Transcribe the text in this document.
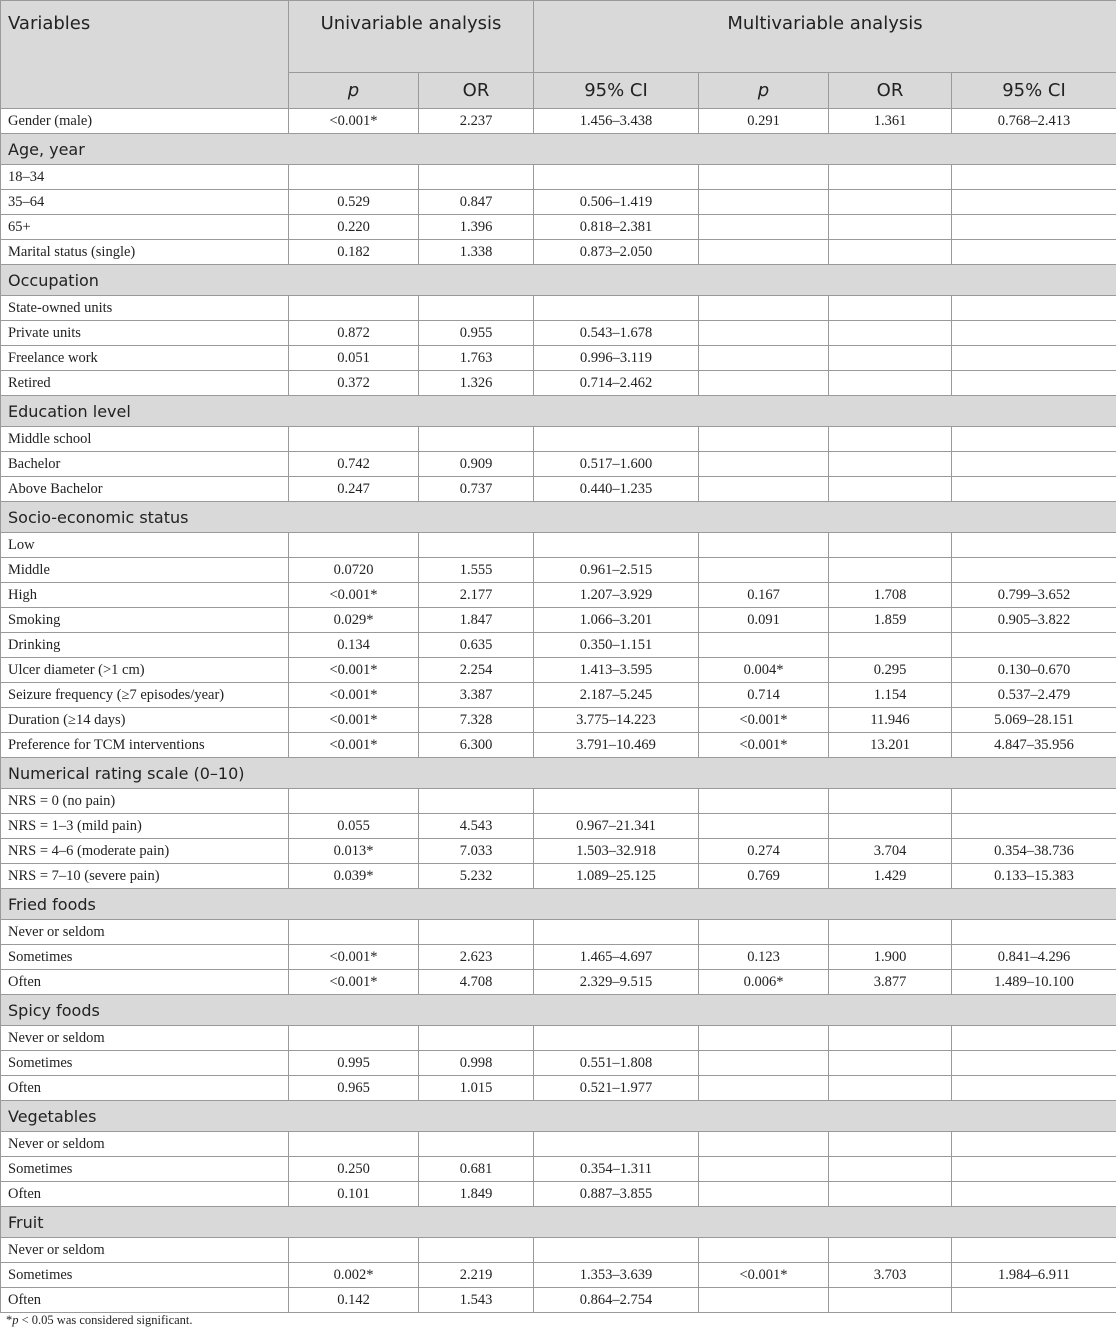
Variables	Univariable analysis		Multivariable analysis			
	p	OR	95% CI	p	OR	95% CI
Gender (male)	<0.001*	2.237	1.456–3.438	0.291	1.361	0.768–2.413
Age, year						
18–34						
35–64	0.529	0.847	0.506–1.419			
65+	0.220	1.396	0.818–2.381			
Marital status (single)	0.182	1.338	0.873–2.050			
Occupation						
State-owned units						
Private units	0.872	0.955	0.543–1.678			
Freelance work	0.051	1.763	0.996–3.119			
Retired	0.372	1.326	0.714–2.462			
Education level						
Middle school						
Bachelor	0.742	0.909	0.517–1.600			
Above Bachelor	0.247	0.737	0.440–1.235			
Socio-economic status						
Low						
Middle	0.0720	1.555	0.961–2.515			
High	<0.001*	2.177	1.207–3.929	0.167	1.708	0.799–3.652
Smoking	0.029*	1.847	1.066–3.201	0.091	1.859	0.905–3.822
Drinking	0.134	0.635	0.350–1.151			
Ulcer diameter (>1 cm)	<0.001*	2.254	1.413–3.595	0.004*	0.295	0.130–0.670
Seizure frequency (≥7 episodes/year)	<0.001*	3.387	2.187–5.245	0.714	1.154	0.537–2.479
Duration (≥14 days)	<0.001*	7.328	3.775–14.223	<0.001*	11.946	5.069–28.151
Preference for TCM interventions	<0.001*	6.300	3.791–10.469	<0.001*	13.201	4.847–35.956
Numerical rating scale (0–10)						
NRS = 0 (no pain)						
NRS = 1–3 (mild pain)	0.055	4.543	0.967–21.341			
NRS = 4–6 (moderate pain)	0.013*	7.033	1.503–32.918	0.274	3.704	0.354–38.736
NRS = 7–10 (severe pain)	0.039*	5.232	1.089–25.125	0.769	1.429	0.133–15.383
Fried foods						
Never or seldom						
Sometimes	<0.001*	2.623	1.465–4.697	0.123	1.900	0.841–4.296
Often	<0.001*	4.708	2.329–9.515	0.006*	3.877	1.489–10.100
Spicy foods						
Never or seldom						
Sometimes	0.995	0.998	0.551–1.808			
Often	0.965	1.015	0.521–1.977			
Vegetables						
Never or seldom						
Sometimes	0.250	0.681	0.354–1.311			
Often	0.101	1.849	0.887–3.855			
Fruit						
Never or seldom						
Sometimes	0.002*	2.219	1.353–3.639	<0.001*	3.703	1.984–6.911
Often	0.142	1.543	0.864–2.754			
*p < 0.05 was considered significant.
